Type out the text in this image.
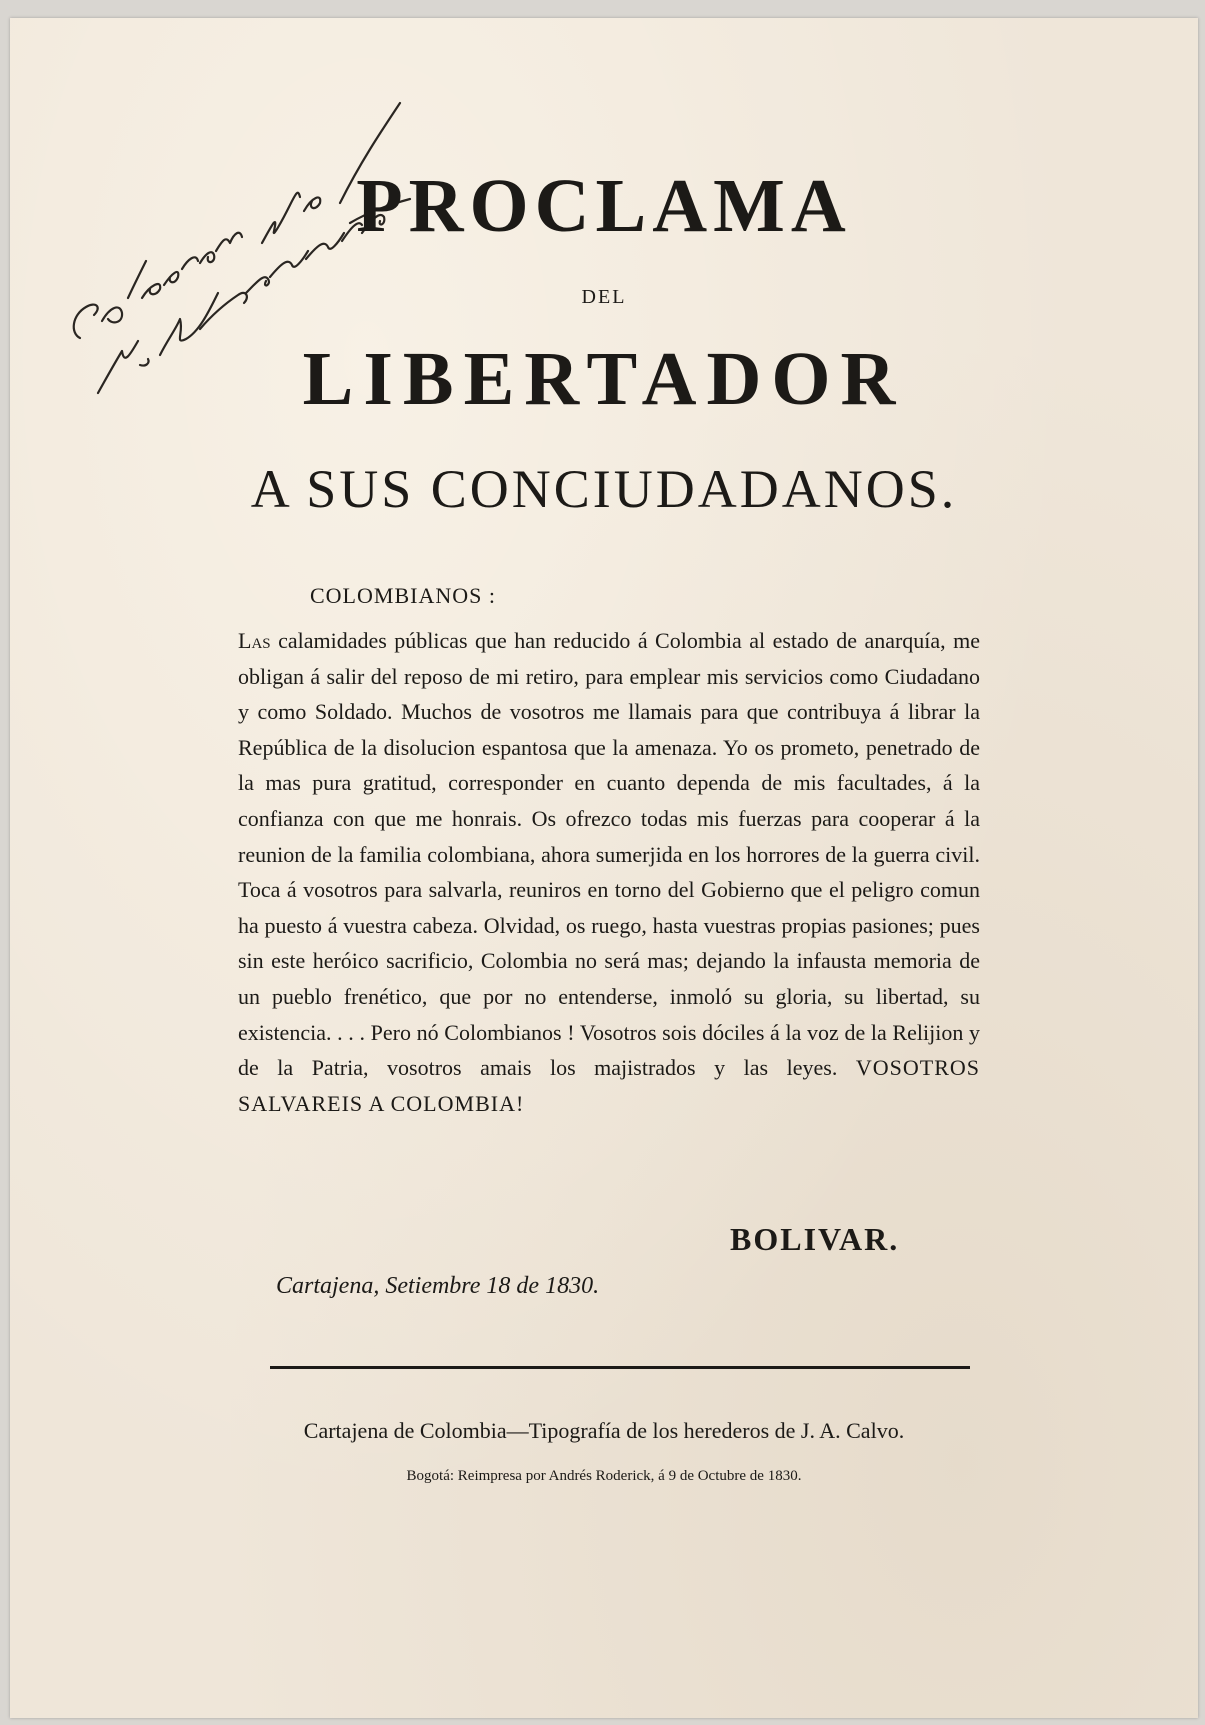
PROCLAMA
DEL
LIBERTADOR
A SUS CONCIUDADANOS.
COLOMBIANOS :
Las calamidades públicas que han reducido á Colombia al estado de anarquía, me obligan á salir del reposo de mi retiro, para emplear mis servicios como Ciudadano y como Soldado. Muchos de vosotros me llamais para que contribuya á librar la República de la disolucion espantosa que la amenaza. Yo os prometo, penetrado de la mas pura gratitud, corresponder en cuanto dependa de mis facultades, á la confianza con que me honrais. Os ofrezco todas mis fuerzas para cooperar á la reunion de la familia colombiana, ahora sumerjida en los horrores de la guerra civil. Toca á vosotros para salvarla, reuniros en torno del Gobierno que el peligro comun ha puesto á vuestra cabeza. Olvidad, os ruego, hasta vuestras propias pasiones; pues sin este heróico sacrificio, Colombia no será mas; dejando la infausta memoria de un pueblo frenético, que por no entenderse, inmoló su gloria, su libertad, su existencia. . . . Pero nó Colombianos ! Vosotros sois dóciles á la voz de la Relijion y de la Patria, vosotros amais los majistrados y las leyes. VOSOTROS SALVAREIS A COLOMBIA!
BOLIVAR.
Cartajena, Setiembre 18 de 1830.
Cartajena de Colombia—Tipografía de los herederos de J. A. Calvo.
Bogotá: Reimpresa por Andrés Roderick, á 9 de Octubre de 1830.
